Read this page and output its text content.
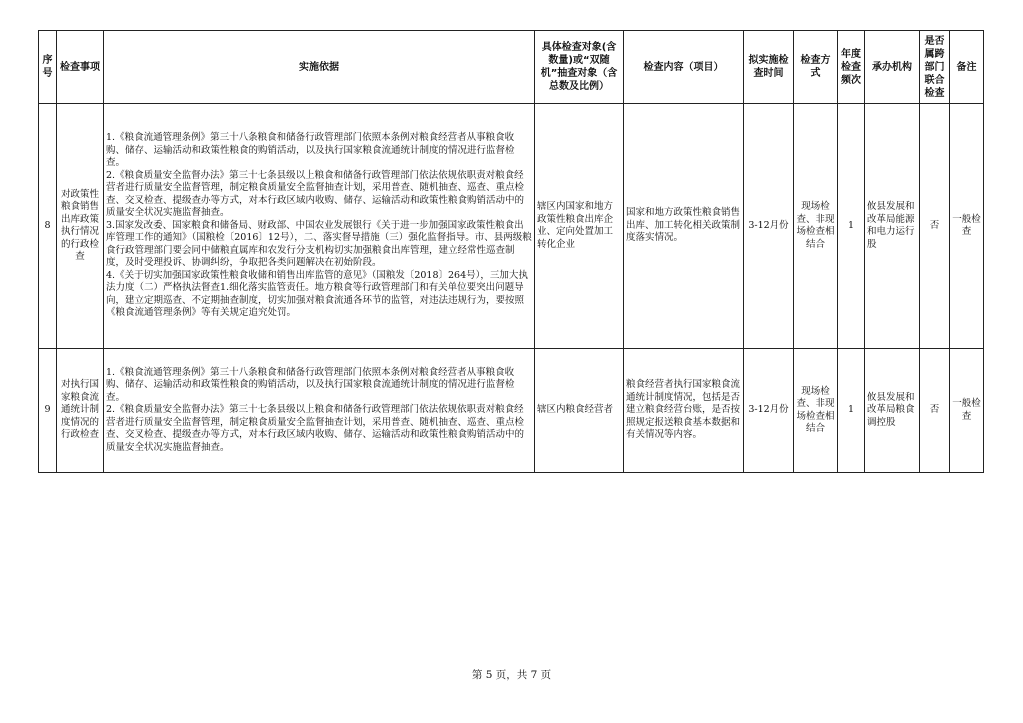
序号	检查事项	实施依据	具体检查对象(含数量)或“双随机”抽查对象（含总数及比例）	检查内容（项目）	拟实施检查时间	检查方式	年度检查频次	承办机构	是否属跨部门联合检查	备注
8	对政策性粮食销售出库政策执行情况的行政检查	1.《粮食流通管理条例》第三十八条粮食和储备行政管理部门依照本条例对粮食经营者从事粮食收购、储存、运输活动和政策性粮食的购销活动，以及执行国家粮食流通统计制度的情况进行监督检查。
2.《粮食质量安全监督办法》第三十七条县级以上粮食和储备行政管理部门依法依规依职责对粮食经营者进行质量安全监督管理，制定粮食质量安全监督抽查计划，采用普查、随机抽查、巡查、重点检查、交叉检查、提级查办等方式，对本行政区域内收购、储存、运输活动和政策性粮食购销活动中的质量安全状况实施监督抽查。
3.国家发改委、国家粮食和储备局、财政部、中国农业发展银行《关于进一步加强国家政策性粮食出库管理工作的通知》（国粮检〔2016〕12号），二、落实督导措施（三）强化监督指导。市、县两级粮食行政管理部门要会同中储粮直属库和农发行分支机构切实加强粮食出库管理，建立经常性巡查制度，及时受理投诉、协调纠纷，争取把各类问题解决在初始阶段。
4.《关于切实加强国家政策性粮食收储和销售出库监管的意见》（国粮发〔2018〕264号），三加大执法力度（二）严格执法督查1.细化落实监管责任。地方粮食等行政管理部门和有关单位要突出问题导向，建立定期巡查、不定期抽查制度，切实加强对粮食流通各环节的监管，对违法违规行为，要按照《粮食流通管理条例》等有关规定追究处罚。	辖区内国家和地方政策性粮食出库企业、定向处置加工转化企业	国家和地方政策性粮食销售出库、加工转化相关政策制度落实情况。	3-12月份	现场检查、非现场检查相结合	1	攸县发展和改革局能源和电力运行股	否	一般检查
9	对执行国家粮食流通统计制度情况的行政检查	1.《粮食流通管理条例》第三十八条粮食和储备行政管理部门依照本条例对粮食经营者从事粮食收购、储存、运输活动和政策性粮食的购销活动，以及执行国家粮食流通统计制度的情况进行监督检查。
2.《粮食质量安全监督办法》第三十七条县级以上粮食和储备行政管理部门依法依规依职责对粮食经营者进行质量安全监督管理，制定粮食质量安全监督抽查计划，采用普查、随机抽查、巡查、重点检查、交叉检查、提级查办等方式，对本行政区域内收购、储存、运输活动和政策性粮食购销活动中的质量安全状况实施监督抽查。	辖区内粮食经营者	粮食经营者执行国家粮食流通统计制度情况，包括是否建立粮食经营台账，是否按照规定报送粮食基本数据和有关情况等内容。	3-12月份	现场检查、非现场检查相结合	1	攸县发展和改革局粮食调控股	否	一般检查
第 5 页，共 7 页
